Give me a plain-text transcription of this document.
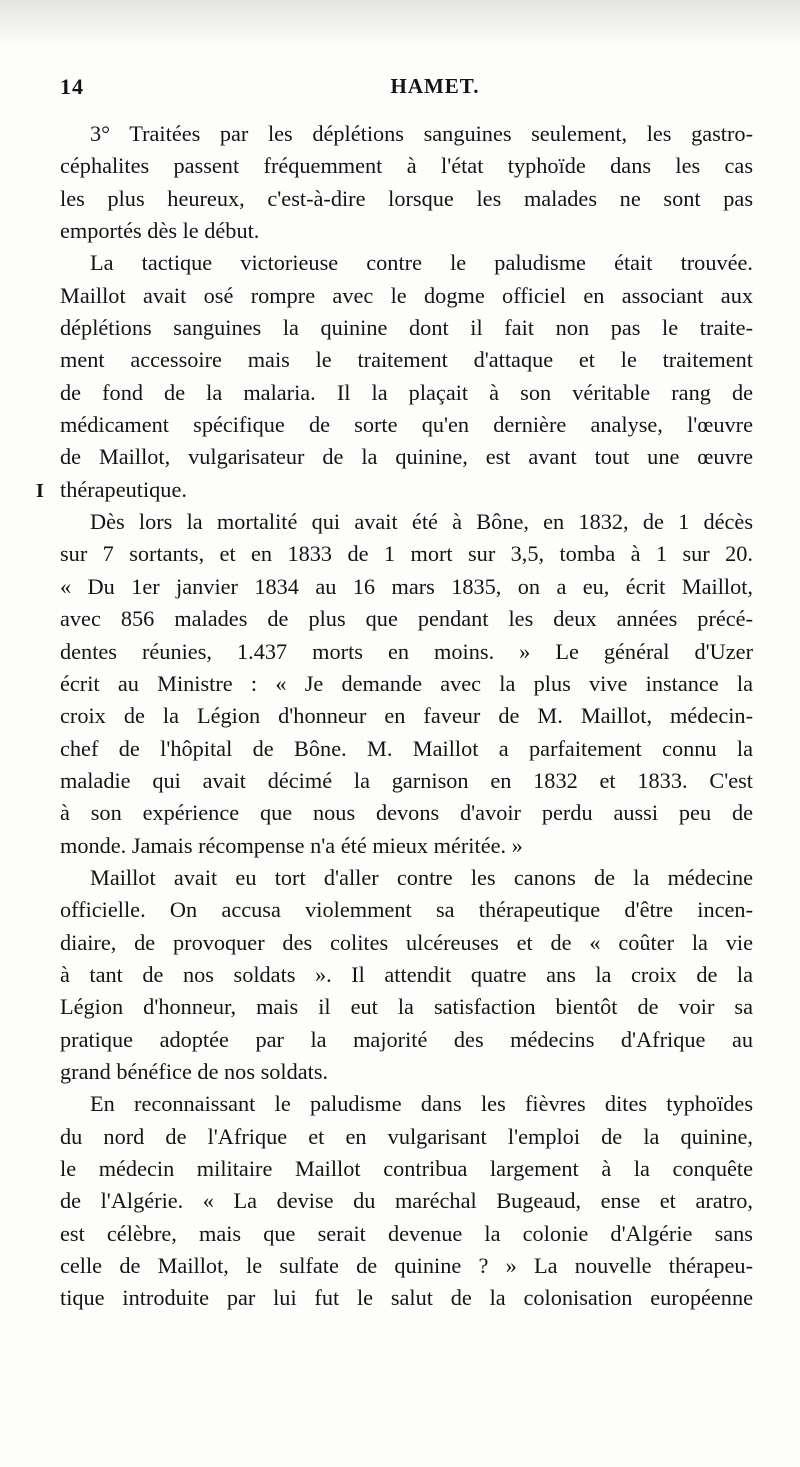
14	HAMET.
I
3° Traitées par les déplétions sanguines seulement, les gastro-
céphalites passent fréquemment à l'état typhoïde dans les cas
les plus heureux, c'est-à-dire lorsque les malades ne sont pas
emportés dès le début.
La tactique victorieuse contre le paludisme était trouvée.
Maillot avait osé rompre avec le dogme officiel en associant aux
déplétions sanguines la quinine dont il fait non pas le traite-
ment accessoire mais le traitement d'attaque et le traitement
de fond de la malaria. Il la plaçait à son véritable rang de
médicament spécifique de sorte qu'en dernière analyse, l'œuvre
de Maillot, vulgarisateur de la quinine, est avant tout une œuvre
thérapeutique.
Dès lors la mortalité qui avait été à Bône, en 1832, de 1 décès
sur 7 sortants, et en 1833 de 1 mort sur 3,5, tomba à 1 sur 20.
« Du 1er janvier 1834 au 16 mars 1835, on a eu, écrit Maillot,
avec 856 malades de plus que pendant les deux années précé-
dentes réunies, 1.437 morts en moins. » Le général d'Uzer
écrit au Ministre : « Je demande avec la plus vive instance la
croix de la Légion d'honneur en faveur de M. Maillot, médecin-
chef de l'hôpital de Bône. M. Maillot a parfaitement connu la
maladie qui avait décimé la garnison en 1832 et 1833. C'est
à son expérience que nous devons d'avoir perdu aussi peu de
monde. Jamais récompense n'a été mieux méritée. »
Maillot avait eu tort d'aller contre les canons de la médecine
officielle. On accusa violemment sa thérapeutique d'être incen-
diaire, de provoquer des colites ulcéreuses et de « coûter la vie
à tant de nos soldats ». Il attendit quatre ans la croix de la
Légion d'honneur, mais il eut la satisfaction bientôt de voir sa
pratique adoptée par la majorité des médecins d'Afrique au
grand bénéfice de nos soldats.
En reconnaissant le paludisme dans les fièvres dites typhoïdes
du nord de l'Afrique et en vulgarisant l'emploi de la quinine,
le médecin militaire Maillot contribua largement à la conquête
de l'Algérie. « La devise du maréchal Bugeaud, ense et aratro,
est célèbre, mais que serait devenue la colonie d'Algérie sans
celle de Maillot, le sulfate de quinine ? » La nouvelle thérapeu-
tique introduite par lui fut le salut de la colonisation européenne
